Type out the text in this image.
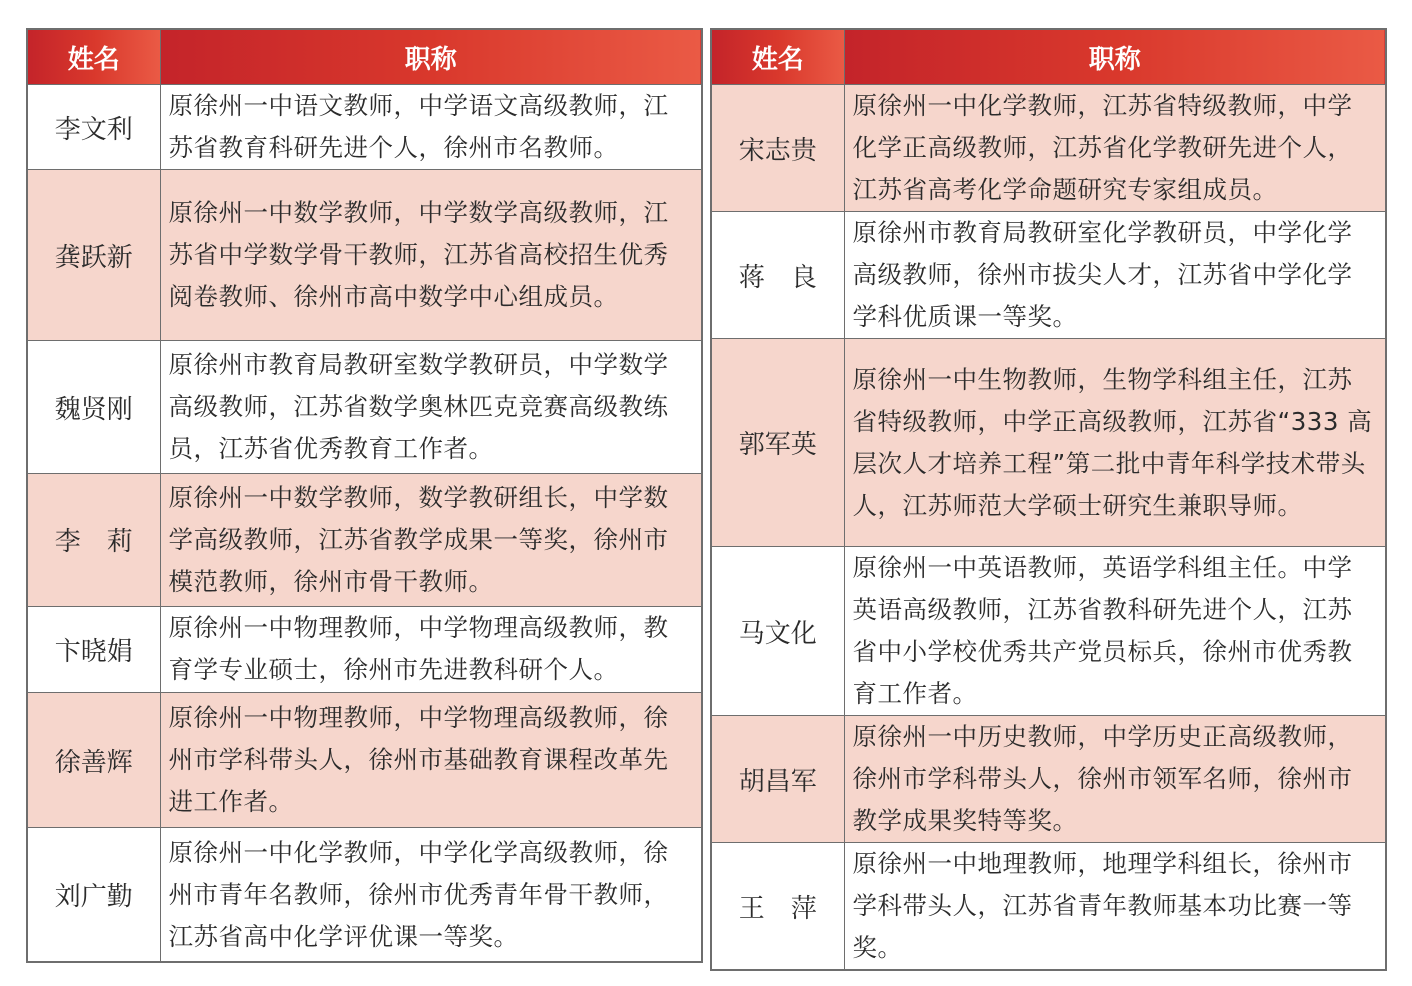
姓名	职称
李文利	原徐州一中语文教师，中学语文高级教师，江苏省教育科研先进个人，徐州市名教师。
龚跃新	原徐州一中数学教师，中学数学高级教师，江苏省中学数学骨干教师，江苏省高校招生优秀阅卷教师、徐州市高中数学中心组成员。
魏贤刚	原徐州市教育局教研室数学教研员，中学数学高级教师，江苏省数学奥林匹克竞赛高级教练员，江苏省优秀教育工作者。
李　莉	原徐州一中数学教师，数学教研组长，中学数学高级教师，江苏省教学成果一等奖，徐州市模范教师，徐州市骨干教师。
卞晓娟	原徐州一中物理教师，中学物理高级教师，教育学专业硕士，徐州市先进教科研个人。
徐善辉	原徐州一中物理教师，中学物理高级教师，徐州市学科带头人，徐州市基础教育课程改革先进工作者。
刘广勤	原徐州一中化学教师，中学化学高级教师，徐州市青年名教师，徐州市优秀青年骨干教师，江苏省高中化学评优课一等奖。
姓名	职称
宋志贵	原徐州一中化学教师，江苏省特级教师，中学化学正高级教师，江苏省化学教研先进个人，江苏省高考化学命题研究专家组成员。
蒋　良	原徐州市教育局教研室化学教研员，中学化学高级教师，徐州市拔尖人才，江苏省中学化学学科优质课一等奖。
郭军英	原徐州一中生物教师，生物学科组主任，江苏省特级教师，中学正高级教师，江苏省“333 高层次人才培养工程”第二批中青年科学技术带头人，江苏师范大学硕士研究生兼职导师。
马文化	原徐州一中英语教师，英语学科组主任。中学英语高级教师，江苏省教科研先进个人，江苏省中小学校优秀共产党员标兵，徐州市优秀教育工作者。
胡昌军	原徐州一中历史教师，中学历史正高级教师，徐州市学科带头人，徐州市领军名师，徐州市教学成果奖特等奖。
王　萍	原徐州一中地理教师，地理学科组长，徐州市学科带头人，江苏省青年教师基本功比赛一等奖。
